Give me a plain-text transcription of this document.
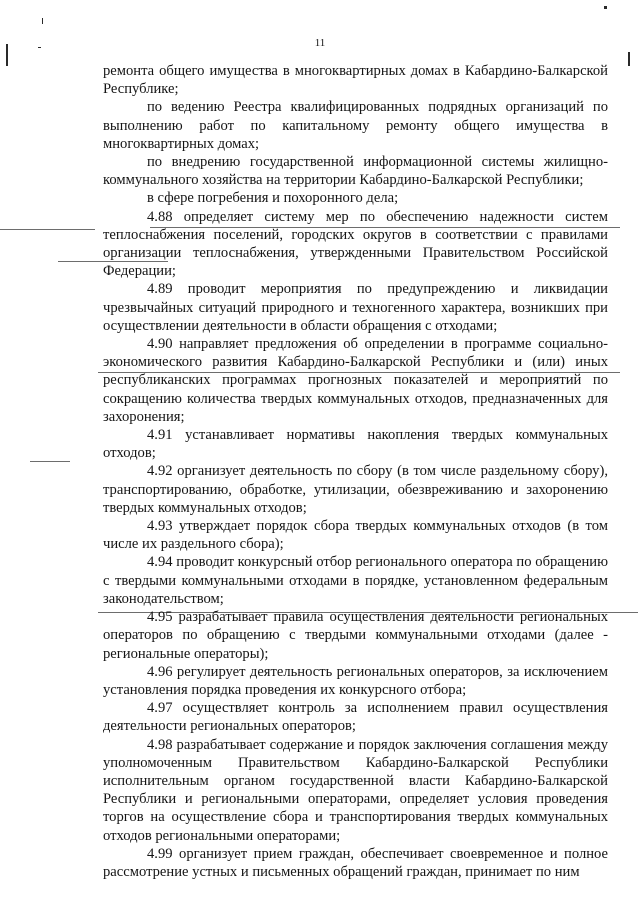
11

ремонта общего имущества в многоквартирных домах в Кабардино-Балкарской Республике;

по ведению Реестра квалифицированных подрядных организаций по выполнению работ по капитальному ремонту общего имущества в многоквартирных домах;

по внедрению государственной информационной системы жилищно-коммунального хозяйства на территории Кабардино-Балкарской Республики;

в сфере погребения и похоронного дела;

4.88 определяет систему мер по обеспечению надежности систем теплоснабжения поселений, городских округов в соответствии с правилами организации теплоснабжения, утвержденными Правительством Российской Федерации;

4.89 проводит мероприятия по предупреждению и ликвидации чрезвычайных ситуаций природного и техногенного характера, возникших при осуществлении деятельности в области обращения с отходами;

4.90 направляет предложения об определении в программе социально-экономического развития Кабардино-Балкарской Республики и (или) иных республиканских программах прогнозных показателей и мероприятий по сокращению количества твердых коммунальных отходов, предназначенных для захоронения;

4.91 устанавливает нормативы накопления твердых коммунальных отходов;

4.92 организует деятельность по сбору (в том числе раздельному сбору), транспортированию, обработке, утилизации, обезвреживанию и захоронению твердых коммунальных отходов;

4.93 утверждает порядок сбора твердых коммунальных отходов (в том числе их раздельного сбора);

4.94 проводит конкурсный отбор регионального оператора по обращению с твердыми коммунальными отходами в порядке, установленном федеральным законодательством;

4.95 разрабатывает правила осуществления деятельности региональных операторов по обращению с твердыми коммунальными отходами (далее - региональные операторы);

4.96 регулирует деятельность региональных операторов, за исключением установления порядка проведения их конкурсного отбора;

4.97 осуществляет контроль за исполнением правил осуществления деятельности региональных операторов;

4.98 разрабатывает содержание и порядок заключения соглашения между уполномоченным Правительством Кабардино-Балкарской Республики исполнительным органом государственной власти Кабардино-Балкарской Республики и региональными операторами, определяет условия проведения торгов на осуществление сбора и транспортирования твердых коммунальных отходов региональными операторами;

4.99 организует прием граждан, обеспечивает своевременное и полное рассмотрение устных и письменных обращений граждан, принимает по ним
